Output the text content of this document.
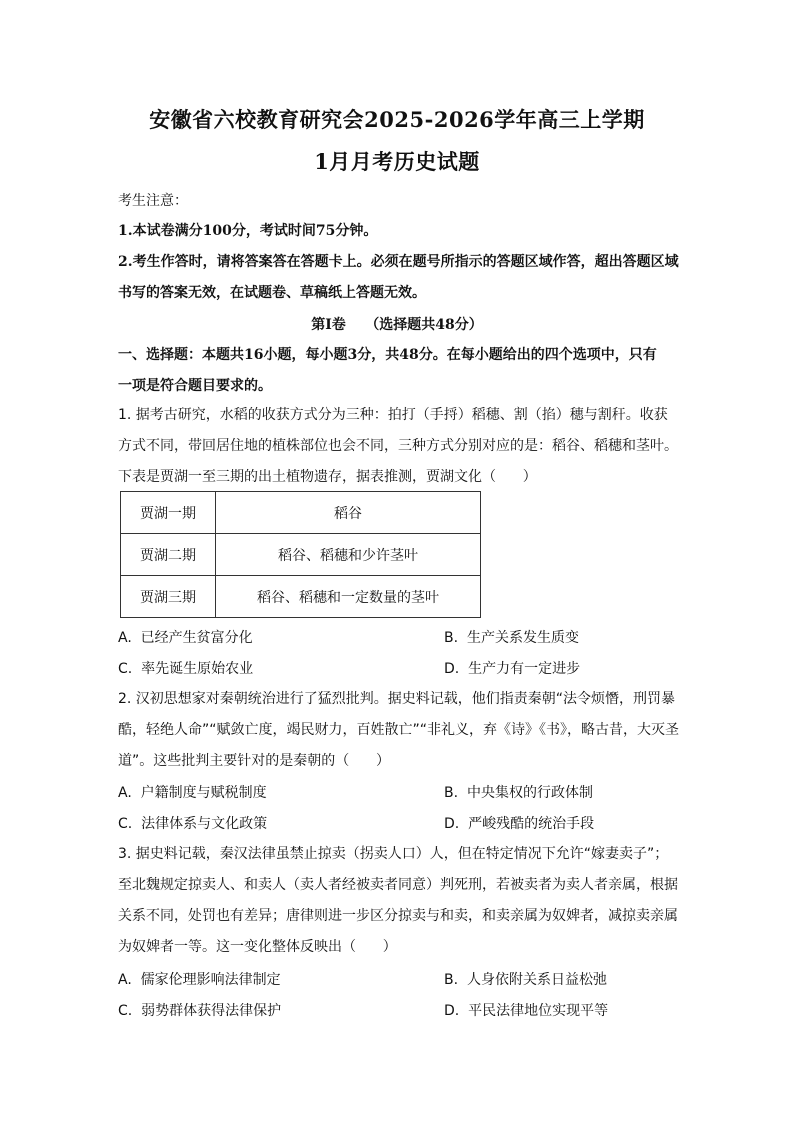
安徽省六校教育研究会2025-2026学年高三上学期
1月月考历史试题
考生注意：
1.本试卷满分100分，考试时间75分钟。
2.考生作答时，请将答案答在答题卡上。必须在题号所指示的答题区域作答，超出答题区域
书写的答案无效，在试题卷、草稿纸上答题无效。
第Ⅰ卷    （选择题共48分）
一、选择题：本题共16小题，每小题3分，共48分。在每小题给出的四个选项中，只有
一项是符合题目要求的。
1. 据考古研究，水稻的收获方式分为三种：拍打（手捋）稻穗、割（掐）穗与割秆。收获
方式不同，带回居住地的植株部位也会不同，三种方式分别对应的是：稻谷、稻穗和茎叶。
下表是贾湖一至三期的出土植物遗存，据表推测，贾湖文化（      ）
贾湖一期	稻谷
贾湖二期	稻谷、稻穗和少许茎叶
贾湖三期	稻谷、稻穗和一定数量的茎叶
A.  已经产生贫富分化	B.  生产关系发生质变
C.  率先诞生原始农业	D.  生产力有一定进步
2. 汉初思想家对秦朝统治进行了猛烈批判。据史料记载，他们指责秦朝“法令烦憯，刑罚暴
酷，轻绝人命”“赋敛亡度，竭民财力，百姓散亡”“非礼义，弃《诗》《书》，略古昔，大灭圣
道”。这些批判主要针对的是秦朝的（      ）
A.  户籍制度与赋税制度	B.  中央集权的行政体制
C.  法律体系与文化政策	D.  严峻残酷的统治手段
3. 据史料记载，秦汉法律虽禁止掠卖（拐卖人口）人，但在特定情况下允许“嫁妻卖子”；
至北魏规定掠卖人、和卖人（卖人者经被卖者同意）判死刑，若被卖者为卖人者亲属，根据
关系不同，处罚也有差异；唐律则进一步区分掠卖与和卖，和卖亲属为奴婢者，减掠卖亲属
为奴婢者一等。这一变化整体反映出（      ）
A.  儒家伦理影响法律制定	B.  人身依附关系日益松弛
C.  弱势群体获得法律保护	D.  平民法律地位实现平等
